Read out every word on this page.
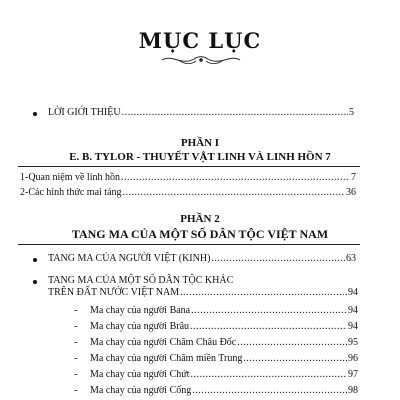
MỤC LỤC
LỜI GIỚI THIỆU .....	5
PHẦN I
E. B. TYLOR - THUYẾT VẬT LINH VÀ LINH HỒN 7
1-Quan niệm về linh hồn .....	7
2-Các hình thức mai táng .....	36
PHẦN 2
TANG MA CỦA MỘT SỐ DÂN TỘC VIỆT NAM
TANG MA CỦA NGƯỜI VIỆT (KINH) .....	63
TANG MA CỦA MỘT SỐ DÂN TỘC KHÁC
TRÊN ĐẤT NƯỚC VIỆT NAM .....	94
- Ma chay của người Bana .....	94
- Ma chay của người Brâu .....	94
- Ma chay của người Chăm Châu Đốc .....	95
- Ma chay của người Chăm miền Trung .....	96
- Ma chay của người Chứt .....	97
- Ma chay của người Cống .....	98
